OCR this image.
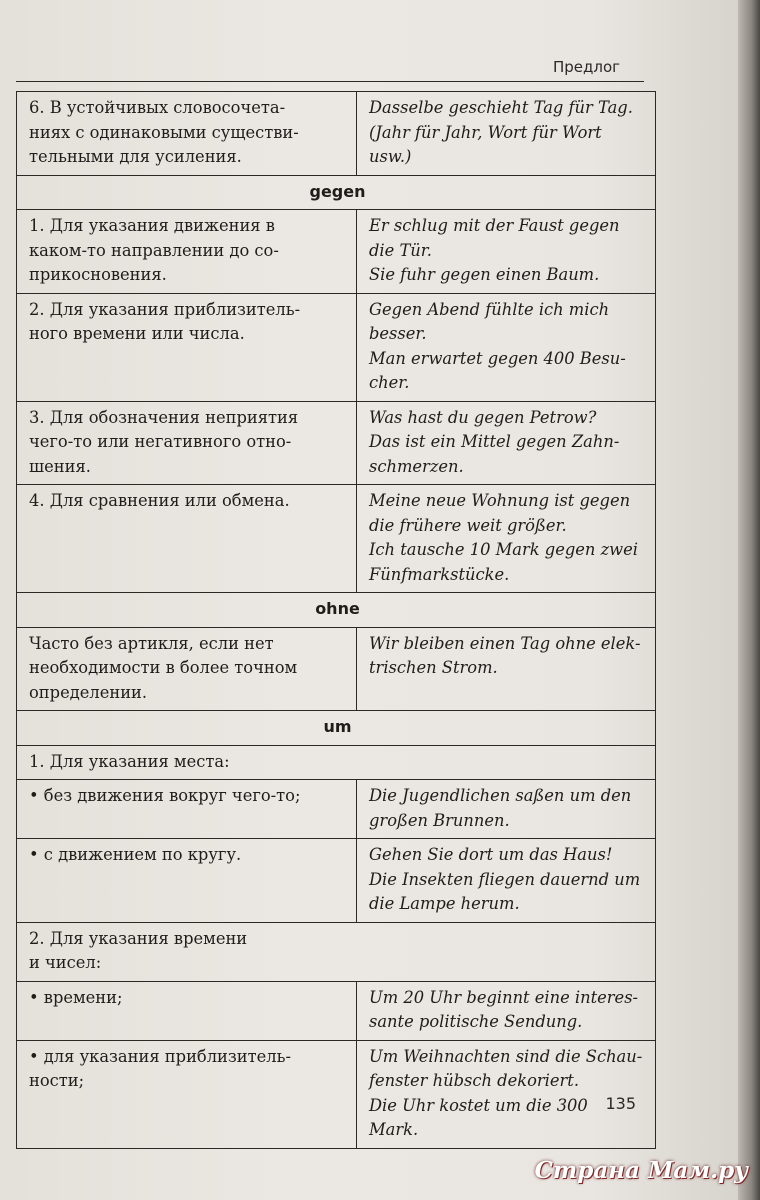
Предлог
6. В устойчивых словосочета-
ниях с одинаковыми существи-
тельными для усиления.	Dasselbe geschieht Tag für Tag.
(Jahr für Jahr, Wort für Wort
usw.)

gegen	

1. Для указания движения в
каком-то направлении до со-
прикосновения.	Er schlug mit der Faust gegen
die Tür.
Sie fuhr gegen einen Baum.

2. Для указания приблизитель-
ного времени или числа.	Gegen Abend fühlte ich mich
besser.
Man erwartet gegen 400 Besu-
cher.

3. Для обозначения неприятия
чего-то или негативного отно-
шения.	Was hast du gegen Petrow?
Das ist ein Mittel gegen Zahn-
schmerzen.

4. Для сравнения или обмена.	Meine neue Wohnung ist gegen
die frühere weit größer.
Ich tausche 10 Mark gegen zwei
Fünfmarkstücke.

ohne	

Часто без артикля, если нет
необходимости в более точном
определении.	Wir bleiben einen Tag ohne elek-
trischen Strom.

um	
1. Для указания места:	

• без движения вокруг чего-то;	Die Jugendlichen saßen um den
großen Brunnen.

• с движением по кругу.	Gehen Sie dort um das Haus!
Die Insekten fliegen dauernd um
die Lampe herum.

2. Для указания времени
и чисел:	

• времени;	Um 20 Uhr beginnt eine interes-
sante politische Sendung.

• для указания приблизитель-
ности;	Um Weihnachten sind die Schau-
fenster hübsch dekoriert.
Die Uhr kostet um die 300
Mark.
135
Страна Мам.ру
